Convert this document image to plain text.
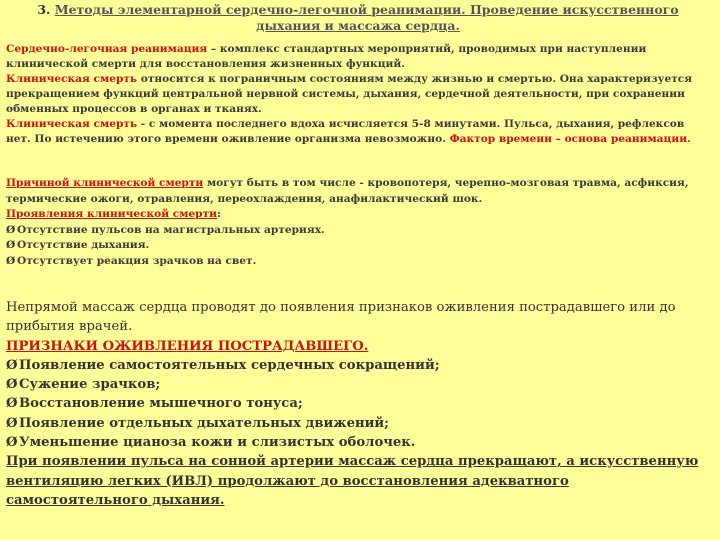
3. Методы элементарной сердечно-легочной реанимации. Проведение искусственного дыхания и массажа сердца.
Сердечно-легочная реанимация – комплекс стандартных мероприятий, проводимых при наступлении клинической смерти для восстановления жизненных функций.
Клиническая смерть относится к пограничным состояниям между жизнью и смертью. Она характеризуется прекращением функций центральной нервной системы, дыхания, сердечной деятельности, при сохранении обменных процессов в органах и тканях.
Клиническая смерть - с момента последнего вдоха исчисляется 5-8 минутами. Пульса, дыхания, рефлексов нет. По истечению этого времени оживление организма невозможно. Фактор времени – основа реанимации.
Причиной клинической смерти могут быть в том числе - кровопотеря, черепно-мозговая травма, асфиксия, термические ожоги, отравления, переохлаждения, анафилактический шок.
Проявления клинической смерти:
Ø Отсутствие пульсов на магистральных артериях.
Ø Отсутствие дыхания.
Ø Отсутствует реакция зрачков на свет.
Непрямой массаж сердца проводят до появления признаков оживления пострадавшего или до прибытия врачей.
ПРИЗНАКИ ОЖИВЛЕНИЯ ПОСТРАДАВШЕГО.
Ø Появление самостоятельных сердечных сокращений;
Ø Сужение зрачков;
Ø Восстановление мышечного тонуса;
Ø Появление отдельных дыхательных движений;
Ø Уменьшение цианоза кожи и слизистых оболочек.
При появлении пульса на сонной артерии массаж сердца прекращают, а искусственную вентиляцию легких (ИВЛ) продолжают до восстановления адекватного самостоятельного дыхания.
